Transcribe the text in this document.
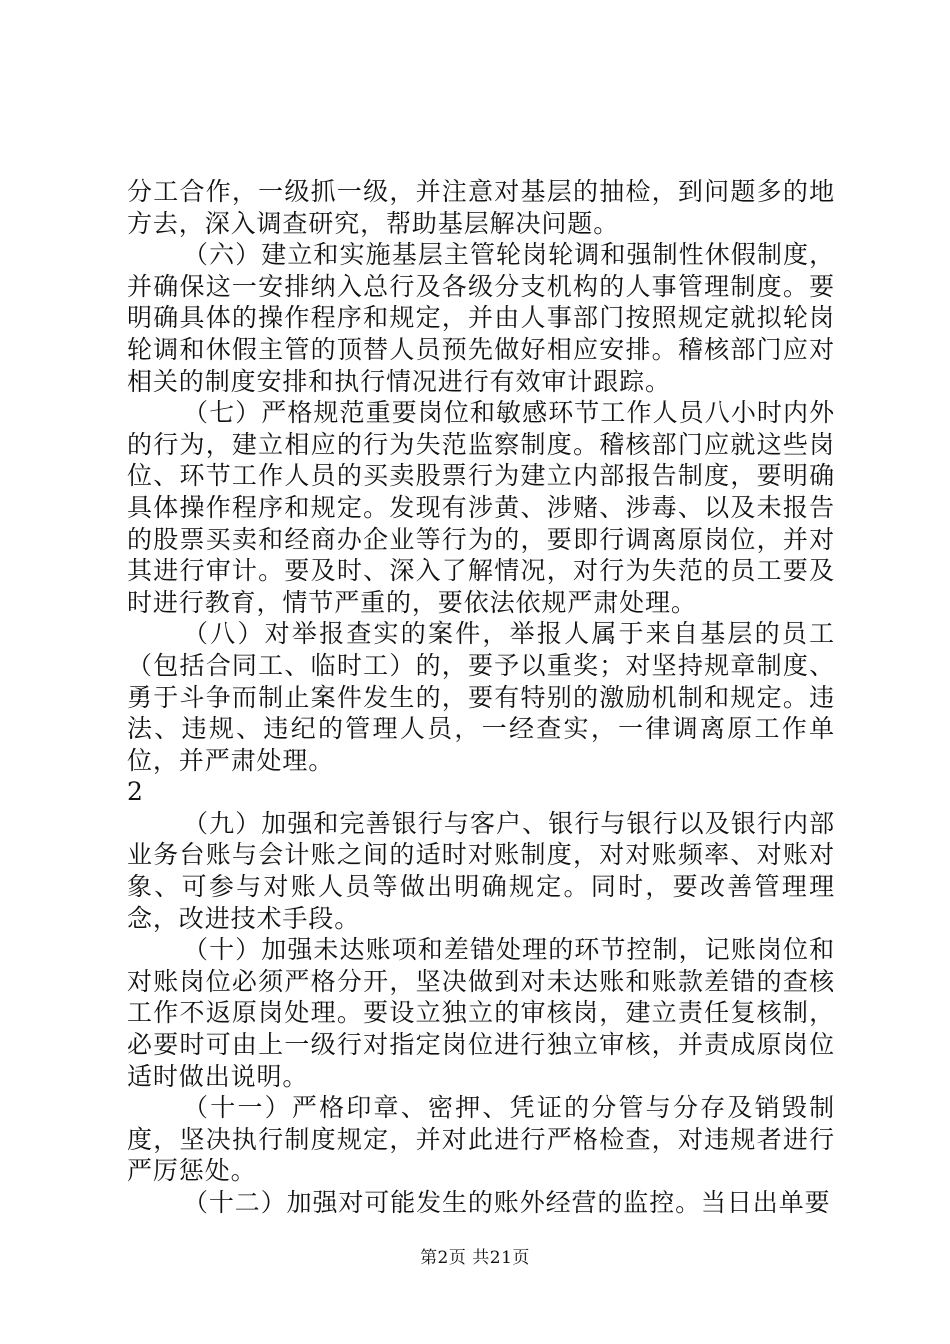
分工合作，一级抓一级，并注意对基层的抽检，到问题多的地方去，深入调查研究，帮助基层解决问题。

（六）建立和实施基层主管轮岗轮调和强制性休假制度，并确保这一安排纳入总行及各级分支机构的人事管理制度。要明确具体的操作程序和规定，并由人事部门按照规定就拟轮岗轮调和休假主管的顶替人员预先做好相应安排。稽核部门应对相关的制度安排和执行情况进行有效审计跟踪。

（七）严格规范重要岗位和敏感环节工作人员八小时内外的行为，建立相应的行为失范监察制度。稽核部门应就这些岗位、环节工作人员的买卖股票行为建立内部报告制度，要明确具体操作程序和规定。发现有涉黄、涉赌、涉毒、以及未报告的股票买卖和经商办企业等行为的，要即行调离原岗位，并对其进行审计。要及时、深入了解情况，对行为失范的员工要及时进行教育，情节严重的，要依法依规严肃处理。

（八）对举报查实的案件，举报人属于来自基层的员工（包括合同工、临时工）的，要予以重奖；对坚持规章制度、勇于斗争而制止案件发生的，要有特别的激励机制和规定。违法、违规、违纪的管理人员，一经查实，一律调离原工作单位，并严肃处理。

2

（九）加强和完善银行与客户、银行与银行以及银行内部业务台账与会计账之间的适时对账制度，对对账频率、对账对象、可参与对账人员等做出明确规定。同时，要改善管理理念，改进技术手段。

（十）加强未达账项和差错处理的环节控制，记账岗位和对账岗位必须严格分开，坚决做到对未达账和账款差错的查核工作不返原岗处理。要设立独立的审核岗，建立责任复核制，必要时可由上一级行对指定岗位进行独立审核，并责成原岗位适时做出说明。

（十一）严格印章、密押、凭证的分管与分存及销毁制度，坚决执行制度规定，并对此进行严格检查，对违规者进行严厉惩处。

（十二）加强对可能发生的账外经营的监控。当日出单要

第2页 共21页
